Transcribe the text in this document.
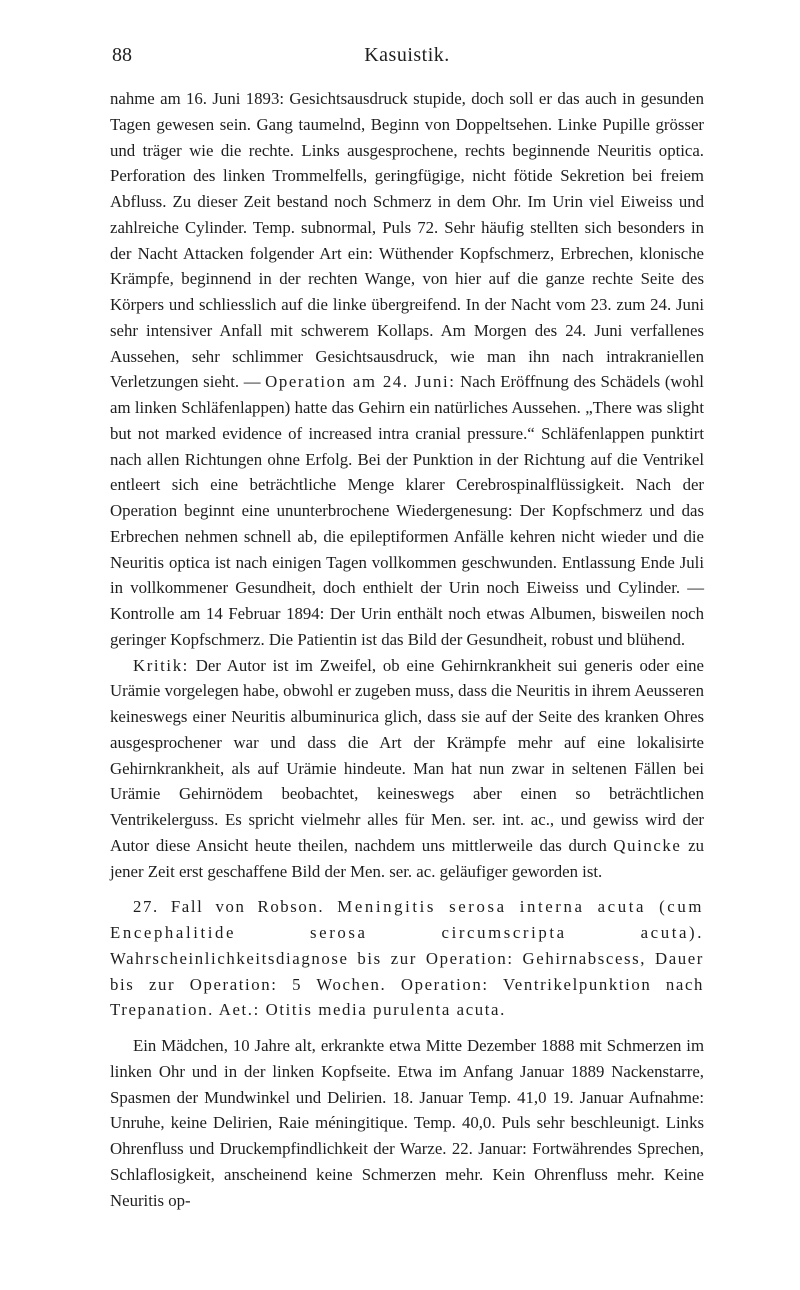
88	Kasuistik.

nahme am 16. Juni 1893: Gesichtsausdruck stupide, doch soll er das auch in gesunden Tagen gewesen sein. Gang taumelnd, Beginn von Doppeltsehen. Linke Pupille grösser und träger wie die rechte. Links ausgesprochene, rechts beginnende Neuritis optica. Perforation des linken Trommelfells, geringfügige, nicht fötide Sekretion bei freiem Abfluss. Zu dieser Zeit bestand noch Schmerz in dem Ohr. Im Urin viel Eiweiss und zahlreiche Cylinder. Temp. subnormal, Puls 72. Sehr häufig stellten sich besonders in der Nacht Attacken folgender Art ein: Wüthender Kopfschmerz, Erbrechen, klonische Krämpfe, beginnend in der rechten Wange, von hier auf die ganze rechte Seite des Körpers und schliesslich auf die linke übergreifend. In der Nacht vom 23. zum 24. Juni sehr intensiver Anfall mit schwerem Kollaps. Am Morgen des 24. Juni verfallenes Aussehen, sehr schlimmer Gesichtsausdruck, wie man ihn nach intrakraniellen Verletzungen sieht. — Operation am 24. Juni: Nach Eröffnung des Schädels (wohl am linken Schläfenlappen) hatte das Gehirn ein natürliches Aussehen. „There was slight but not marked evidence of increased intra cranial pressure.“ Schläfenlappen punktirt nach allen Richtungen ohne Erfolg. Bei der Punktion in der Richtung auf die Ventrikel entleert sich eine beträchtliche Menge klarer Cerebrospinalflüssigkeit. Nach der Operation beginnt eine ununterbrochene Wiedergenesung: Der Kopfschmerz und das Erbrechen nehmen schnell ab, die epileptiformen Anfälle kehren nicht wieder und die Neuritis optica ist nach einigen Tagen vollkommen geschwunden. Entlassung Ende Juli in vollkommener Gesundheit, doch enthielt der Urin noch Eiweiss und Cylinder. — Kontrolle am 14 Februar 1894: Der Urin enthält noch etwas Albumen, bisweilen noch geringer Kopfschmerz. Die Patientin ist das Bild der Gesundheit, robust und blühend.

Kritik: Der Autor ist im Zweifel, ob eine Gehirnkrankheit sui generis oder eine Urämie vorgelegen habe, obwohl er zugeben muss, dass die Neuritis in ihrem Aeusseren keineswegs einer Neuritis albuminurica glich, dass sie auf der Seite des kranken Ohres ausgesprochener war und dass die Art der Krämpfe mehr auf eine lokalisirte Gehirnkrankheit, als auf Urämie hindeute. Man hat nun zwar in seltenen Fällen bei Urämie Gehirnödem beobachtet, keineswegs aber einen so beträchtlichen Ventrikelerguss. Es spricht vielmehr alles für Men. ser. int. ac., und gewiss wird der Autor diese Ansicht heute theilen, nachdem uns mittlerweile das durch Quincke zu jener Zeit erst geschaffene Bild der Men. ser. ac. geläufiger geworden ist.

27. Fall von Robson. Meningitis serosa interna acuta (cum Encephalitide serosa circumscripta acuta). Wahrscheinlichkeitsdiagnose bis zur Operation: Gehirnabscess, Dauer bis zur Operation: 5 Wochen. Operation: Ventrikelpunktion nach Trepanation. Aet.: Otitis media purulenta acuta.

Ein Mädchen, 10 Jahre alt, erkrankte etwa Mitte Dezember 1888 mit Schmerzen im linken Ohr und in der linken Kopfseite. Etwa im Anfang Januar 1889 Nackenstarre, Spasmen der Mundwinkel und Delirien. 18. Januar Temp. 41,0 19. Januar Aufnahme: Unruhe, keine Delirien, Raie méningitique. Temp. 40,0. Puls sehr beschleunigt. Links Ohrenfluss und Druckempfindlichkeit der Warze. 22. Januar: Fortwährendes Sprechen, Schlaflosigkeit, anscheinend keine Schmerzen mehr. Kein Ohrenfluss mehr. Keine Neuritis op-
